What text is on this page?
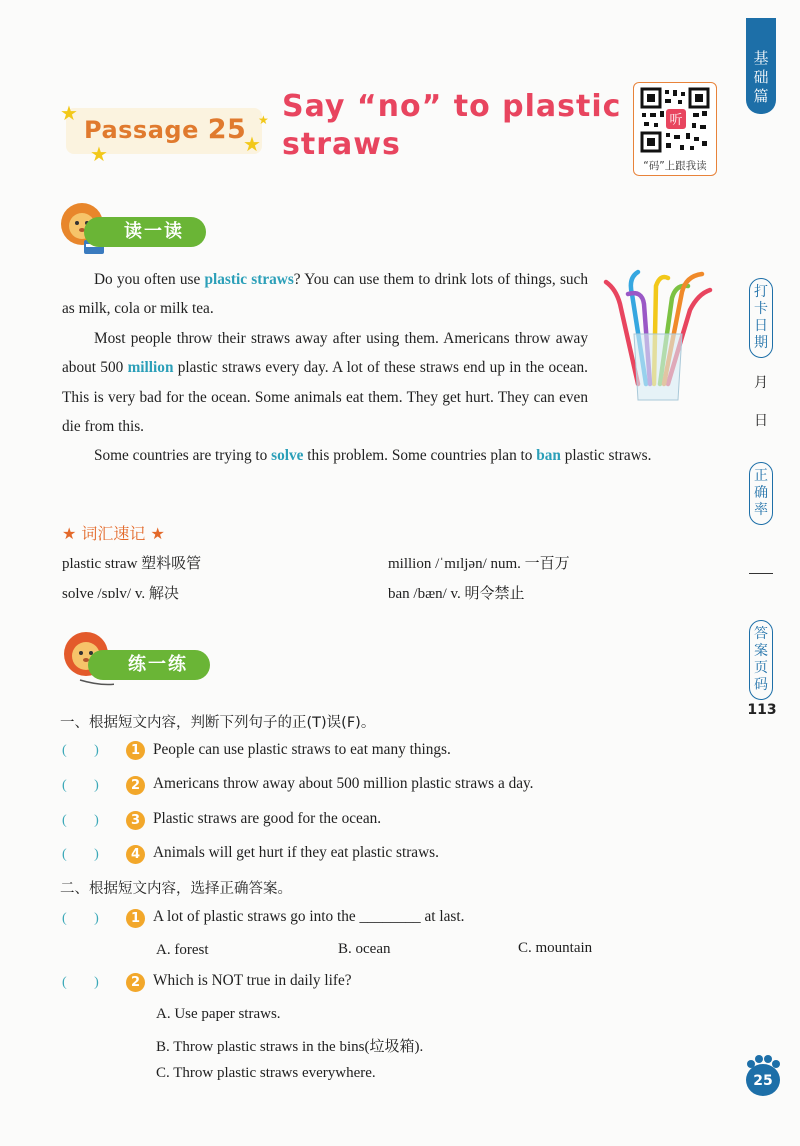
基
础
篇
打
卡
日
期
月
日
正
确
率
答
案
页
码
113
★
★	★
★
Passage 25
Say “no” to plastic
straws
听
“码”上跟我读
读一读
Do you often use plastic straws? You can use them to drink lots of things, such as milk, cola or milk tea.
Most people throw their straws away after using them. Americans throw away about 500 million plastic straws every day. A lot of these straws end up in the ocean. This is very bad for the ocean. Some animals eat them. They get hurt. They can even die from this.
Some countries are trying to solve this problem. Some countries plan to ban plastic straws.
★ 词汇速记 ★
plastic straw 塑料吸管	million /ˈmɪljən/ num. 一百万
solve /sɒlv/ v. 解决	ban /bæn/ v. 明令禁止
练一练
一、根据短文内容，判断下列句子的正(T)误(F)。
( )	1 People can use plastic straws to eat many things.
( )	2 Americans throw away about 500 million plastic straws a day.
( )	3 Plastic straws are good for the ocean.
( )	4 Animals will get hurt if they eat plastic straws.
二、根据短文内容，选择正确答案。
( )	1 A lot of plastic straws go into the ________ at last.
A. forest	B. ocean	C. mountain
( )	2 Which is NOT true in daily life?
A. Use paper straws.
B. Throw plastic straws in the bins(垃圾箱).
C. Throw plastic straws everywhere.	25
